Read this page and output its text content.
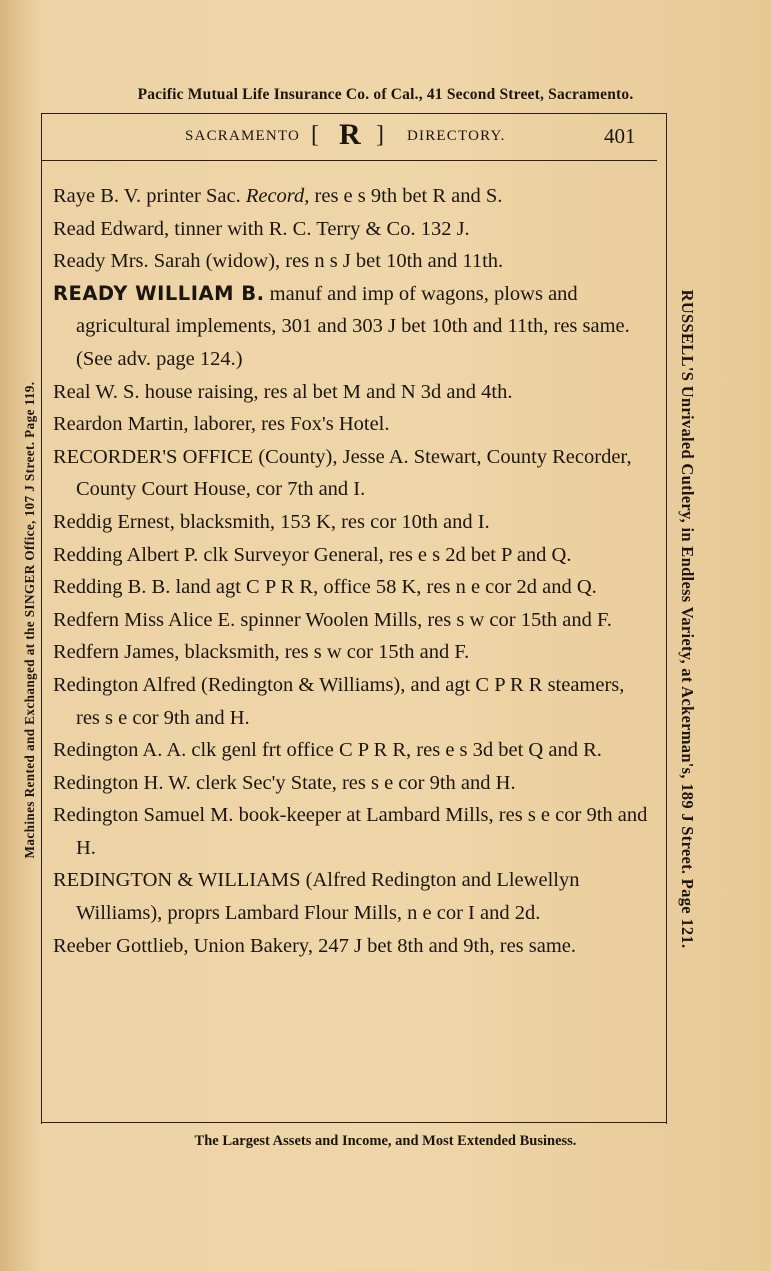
Pacific Mutual Life Insurance Co. of Cal., 41 Second Street, Sacramento.
Machines Rented and Exchanged at the SINGER Office, 107 J Street. Page 119.	RUSSELL'S Unrivaled Cutlery, in Endless Variety, at Ackerman's, 189 J Street. Page 121.
SACRAMENTO [ R ] DIRECTORY.	401
Raye B. V. printer Sac. Record, res e s 9th bet R and S.
Read Edward, tinner with R. C. Terry & Co. 132 J.
Ready Mrs. Sarah (widow), res n s J bet 10th and 11th.
READY WILLIAM B. manuf and imp of wagons, plows and agricultural implements, 301 and 303 J bet 10th and 11th, res same. (See adv. page 124.)
Real W. S. house raising, res al bet M and N 3d and 4th.
Reardon Martin, laborer, res Fox's Hotel.
RECORDER'S OFFICE (County), Jesse A. Stewart, County Recorder, County Court House, cor 7th and I.
Reddig Ernest, blacksmith, 153 K, res cor 10th and I.
Redding Albert P. clk Surveyor General, res e s 2d bet P and Q.
Redding B. B. land agt C P R R, office 58 K, res n e cor 2d and Q.
Redfern Miss Alice E. spinner Woolen Mills, res s w cor 15th and F.
Redfern James, blacksmith, res s w cor 15th and F.
Redington Alfred (Redington & Williams), and agt C P R R steamers, res s e cor 9th and H.
Redington A. A. clk genl frt office C P R R, res e s 3d bet Q and R.
Redington H. W. clerk Sec'y State, res s e cor 9th and H.
Redington Samuel M. book-keeper at Lambard Mills, res s e cor 9th and H.
REDINGTON & WILLIAMS (Alfred Redington and Llewellyn Williams), proprs Lambard Flour Mills, n e cor I and 2d.
Reeber Gottlieb, Union Bakery, 247 J bet 8th and 9th, res same.
The Largest Assets and Income, and Most Extended Business.
